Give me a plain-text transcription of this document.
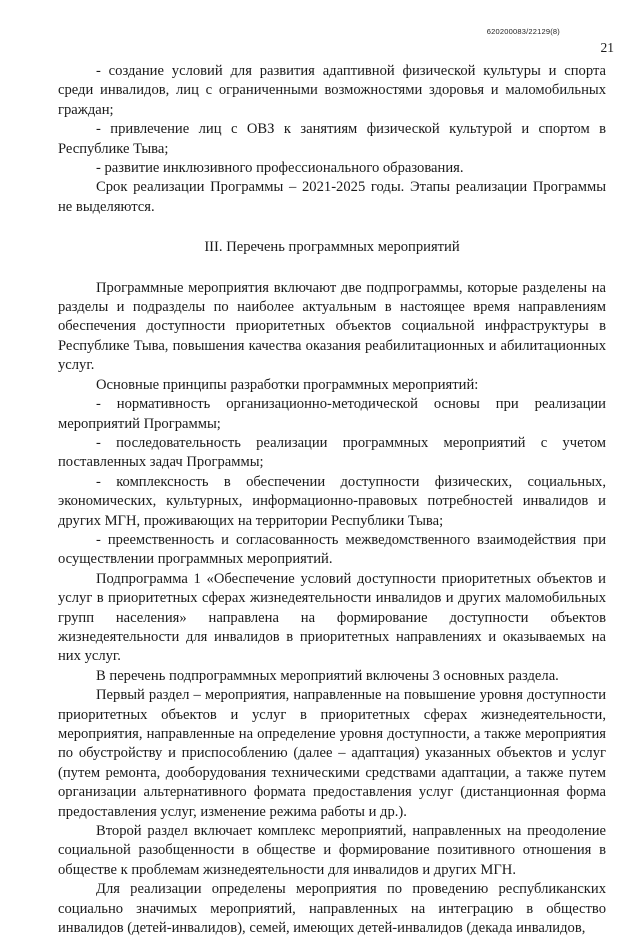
620200083/22129(8)
21

- создание условий для развития адаптивной физической культуры и спорта среди инвалидов, лиц с ограниченными возможностями здоровья и маломобильных граждан;

- привлечение лиц с ОВЗ к занятиям физической культурой и спортом в Республике Тыва;

- развитие инклюзивного профессионального образования.

Срок реализации Программы – 2021-2025 годы. Этапы реализации Программы не выделяются.

III. Перечень программных мероприятий

Программные мероприятия включают две подпрограммы, которые разделены на разделы и подразделы по наиболее актуальным в настоящее время направлениям обеспечения доступности приоритетных объектов социальной инфраструктуры в Республике Тыва, повышения качества оказания реабилитационных и абилитационных услуг.

Основные принципы разработки программных мероприятий:

- нормативность организационно-методической основы при реализации мероприятий Программы;

- последовательность реализации программных мероприятий с учетом поставленных задач Программы;

- комплексность в обеспечении доступности физических, социальных, экономических, культурных, информационно-правовых потребностей инвалидов и других МГН, проживающих на территории Республики Тыва;

- преемственность и согласованность межведомственного взаимодействия при осуществлении программных мероприятий.

Подпрограмма 1 «Обеспечение условий доступности приоритетных объектов и услуг в приоритетных сферах жизнедеятельности инвалидов и других маломобильных групп населения» направлена на формирование доступности объектов жизнедеятельности для инвалидов в приоритетных направлениях и оказываемых на них услуг.

В перечень подпрограммных мероприятий включены 3 основных раздела.

Первый раздел – мероприятия, направленные на повышение уровня доступности приоритетных объектов и услуг в приоритетных сферах жизнедеятельности, мероприятия, направленные на определение уровня доступности, а также мероприятия по обустройству и приспособлению (далее – адаптация) указанных объектов и услуг (путем ремонта, дооборудования техническими средствами адаптации, а также путем организации альтернативного формата предоставления услуг (дистанционная форма предоставления услуг, изменение режима работы и др.).

Второй раздел включает комплекс мероприятий, направленных на преодоление социальной разобщенности в обществе и формирование позитивного отношения в обществе к проблемам жизнедеятельности для инвалидов и других МГН.

Для реализации определены мероприятия по проведению республиканских социально значимых мероприятий, направленных на интеграцию в общество инвалидов (детей-инвалидов), семей, имеющих детей-инвалидов (декада инвалидов,
